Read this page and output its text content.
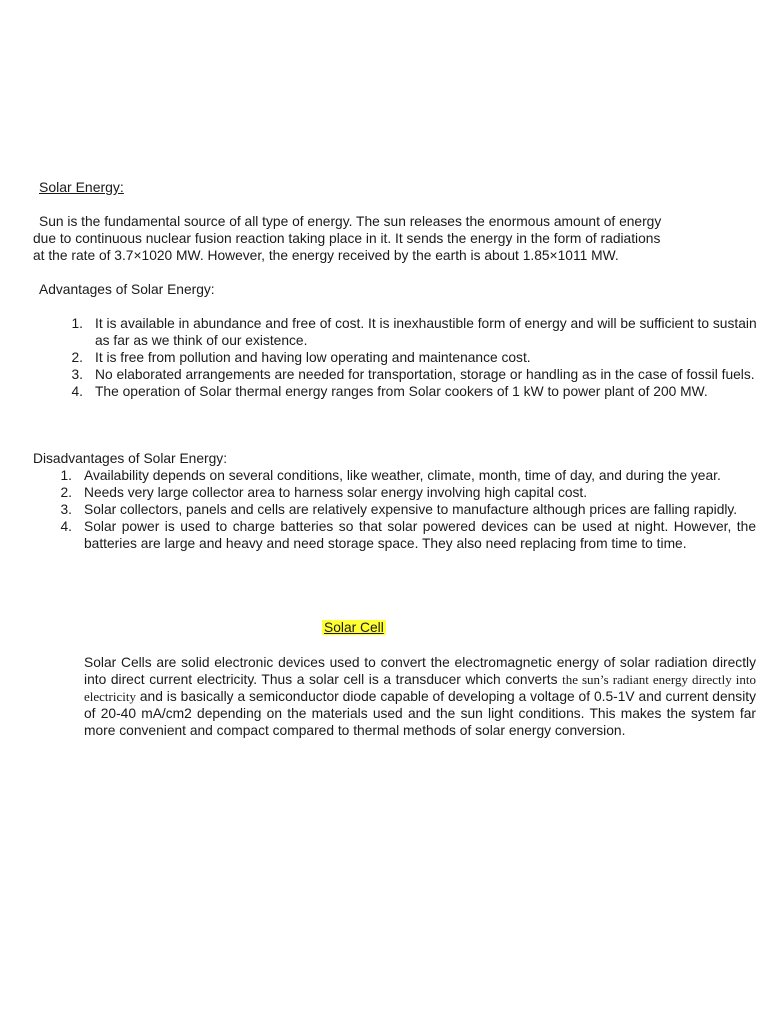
Solar Energy:

Sun is the fundamental source of all type of energy. The sun releases the enormous amount of energy
due to continuous nuclear fusion reaction taking place in it. It sends the energy in the form of radiations
at the rate of 3.7×1020 MW. However, the energy received by the earth is about 1.85×1011 MW.

Advantages of Solar Energy:

1. It is available in abundance and free of cost. It is inexhaustible form of energy and will be sufficient to sustain as far as we think of our existence.
2. It is free from pollution and having low operating and maintenance cost.
3. No elaborated arrangements are needed for transportation, storage or handling as in the case of fossil fuels.
4. The operation of Solar thermal energy ranges from Solar cookers of 1 kW to power plant of 200 MW.

Disadvantages of Solar Energy:

1. Availability depends on several conditions, like weather, climate, month, time of day, and during the year.
2. Needs very large collector area to harness solar energy involving high capital cost.
3. Solar collectors, panels and cells are relatively expensive to manufacture although prices are falling rapidly.
4. Solar power is used to charge batteries so that solar powered devices can be used at night. However, the batteries are large and heavy and need storage space. They also need replacing from time to time.
Solar Cell

Solar Cells are solid electronic devices used to convert the electromagnetic energy of solar radiation directly into direct current electricity. Thus a solar cell is a transducer which converts the sun’s radiant energy directly into electricity and is basically a semiconductor diode capable of developing a voltage of 0.5-1V and current density of 20-40 mA/cm2 depending on the materials used and the sun light conditions. This makes the system far more convenient and compact compared to thermal methods of solar energy conversion.
